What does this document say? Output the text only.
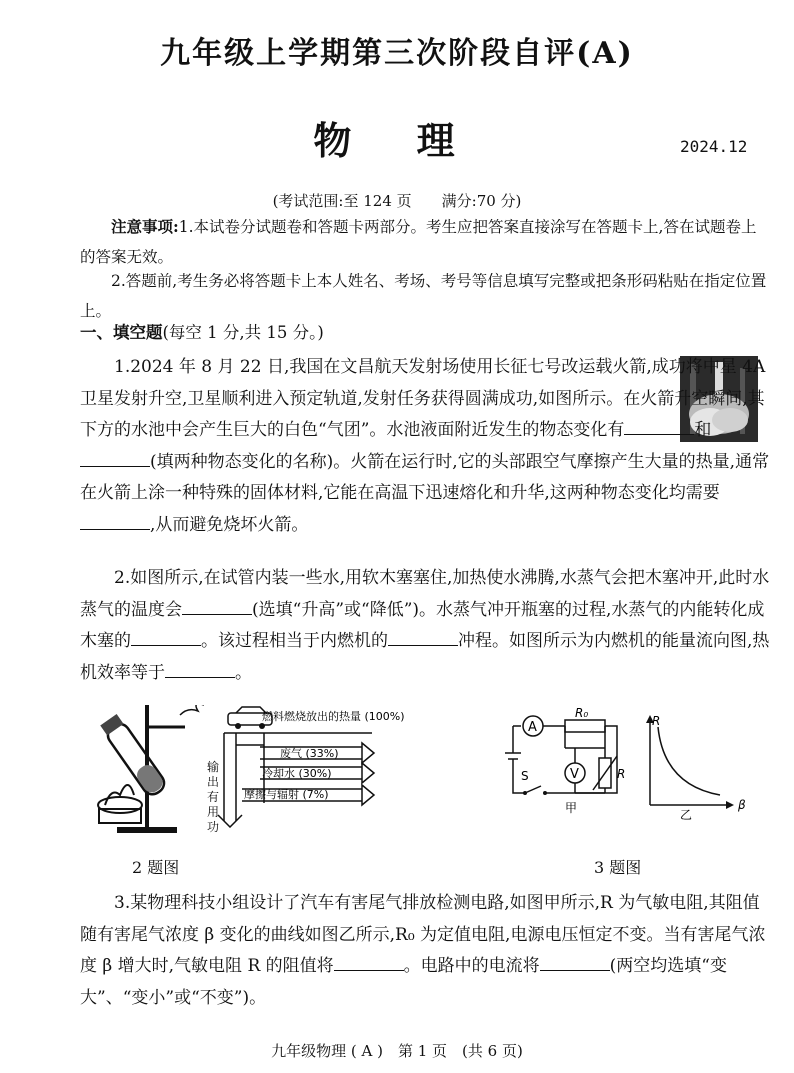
九年级上学期第三次阶段自评(A)
物 理	2024.12
(考试范围:至 124 页　　满分:70 分)
注意事项:1.本试卷分试题卷和答题卡两部分。考生应把答案直接涂写在答题卡上,答在试题卷上的答案无效。
2.答题前,考生务必将答题卡上本人姓名、考场、考号等信息填写完整或把条形码粘贴在指定位置上。
一、填空题(每空 1 分,共 15 分。)
1.2024 年 8 月 22 日,我国在文昌航天发射场使用长征七号改运载火箭,成功将中星 4A 卫星发射升空,卫星顺利进入预定轨道,发射任务获得圆满成功,如图所示。在火箭升空瞬间,其下方的水池中会产生巨大的白色“气团”。水池液面附近发生的物态变化有	和(填两种物态变化的名称)。火箭在运行时,它的头部跟空气摩擦产生大量的热量,通常在火箭上涂一种特殊的固体材料,它能在高温下迅速熔化和升华,这两种物态变化均需要,从而避免烧坏火箭。
2.如图所示,在试管内装一些水,用软木塞塞住,加热使水沸腾,水蒸气会把木塞冲开,此时水蒸气的温度会	(选填“升高”或“降低”)。水蒸气冲开瓶塞的过程,水蒸气的内能转化成木塞的	。该过程相当于内燃机的	冲程。如图所示为内燃机的能量流向图,热机效率等于	。
燃料燃烧放出的热量 (100%)
废气 (33%)
冷却水 (30%)
摩擦与辐射 (7%)
输出有用功
A
R₀
S	V	R
甲
R
β
乙
2 题图	3 题图
3.某物理科技小组设计了汽车有害尾气排放检测电路,如图甲所示,R 为气敏电阻,其阻值随有害尾气浓度 β 变化的曲线如图乙所示,R₀ 为定值电阻,电源电压恒定不变。当有害尾气浓度 β 增大时,气敏电阻 R 的阻值将	。电路中的电流将	(两空均选填“变大”、“变小”或“不变”)。
九年级物理 ( A )　第 1 页　(共 6 页)
